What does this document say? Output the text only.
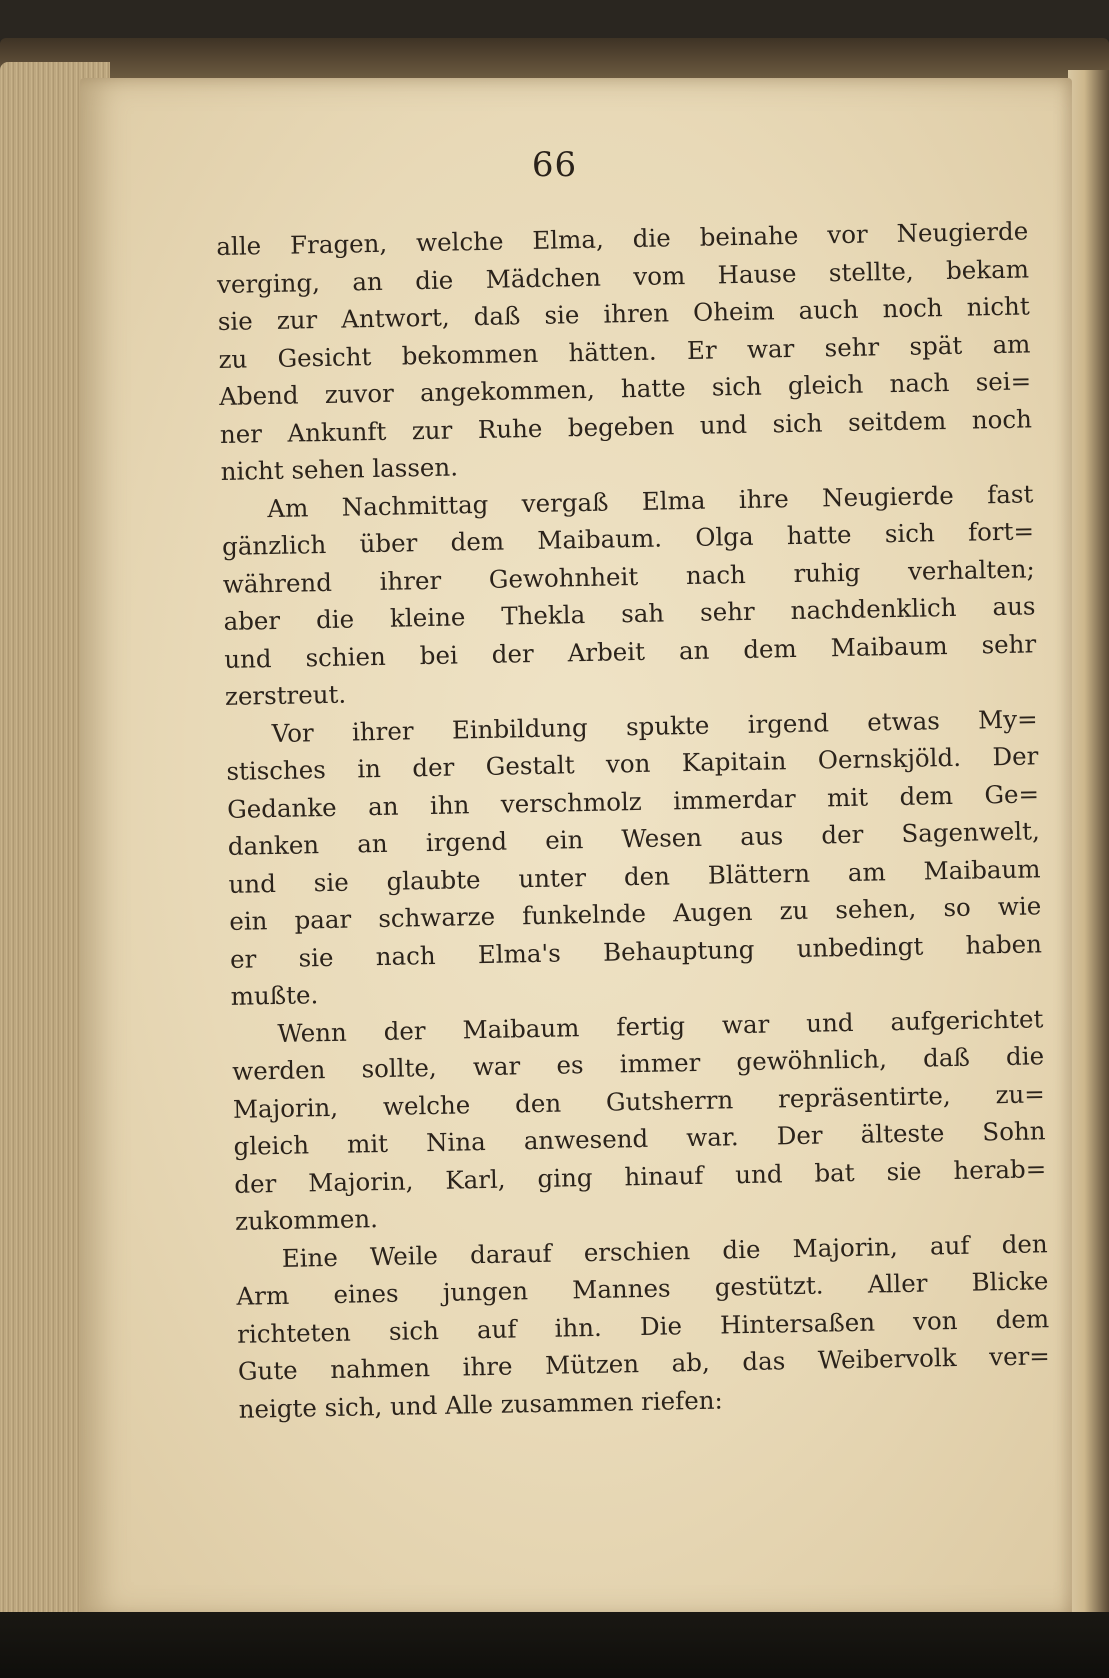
66
alle Fragen, welche Elma, die beinahe vor Neugierde
verging, an die Mädchen vom Hause stellte, bekam
sie zur Antwort, daß sie ihren Oheim auch noch nicht
zu Gesicht bekommen hätten. Er war sehr spät am
Abend zuvor angekommen, hatte sich gleich nach sei=
ner Ankunft zur Ruhe begeben und sich seitdem noch
nicht sehen lassen.
Am Nachmittag vergaß Elma ihre Neugierde fast
gänzlich über dem Maibaum. Olga hatte sich fort=
während ihrer Gewohnheit nach ruhig verhalten;
aber die kleine Thekla sah sehr nachdenklich aus
und schien bei der Arbeit an dem Maibaum sehr
zerstreut.
Vor ihrer Einbildung spukte irgend etwas My=
stisches in der Gestalt von Kapitain Oernskjöld. Der
Gedanke an ihn verschmolz immerdar mit dem Ge=
danken an irgend ein Wesen aus der Sagenwelt,
und sie glaubte unter den Blättern am Maibaum
ein paar schwarze funkelnde Augen zu sehen, so wie
er sie nach Elma's Behauptung unbedingt haben
mußte.
Wenn der Maibaum fertig war und aufgerichtet
werden sollte, war es immer gewöhnlich, daß die
Majorin, welche den Gutsherrn repräsentirte, zu=
gleich mit Nina anwesend war. Der älteste Sohn
der Majorin, Karl, ging hinauf und bat sie herab=
zukommen.
Eine Weile darauf erschien die Majorin, auf den
Arm eines jungen Mannes gestützt. Aller Blicke
richteten sich auf ihn. Die Hintersaßen von dem
Gute nahmen ihre Mützen ab, das Weibervolk ver=
neigte sich, und Alle zusammen riefen:
